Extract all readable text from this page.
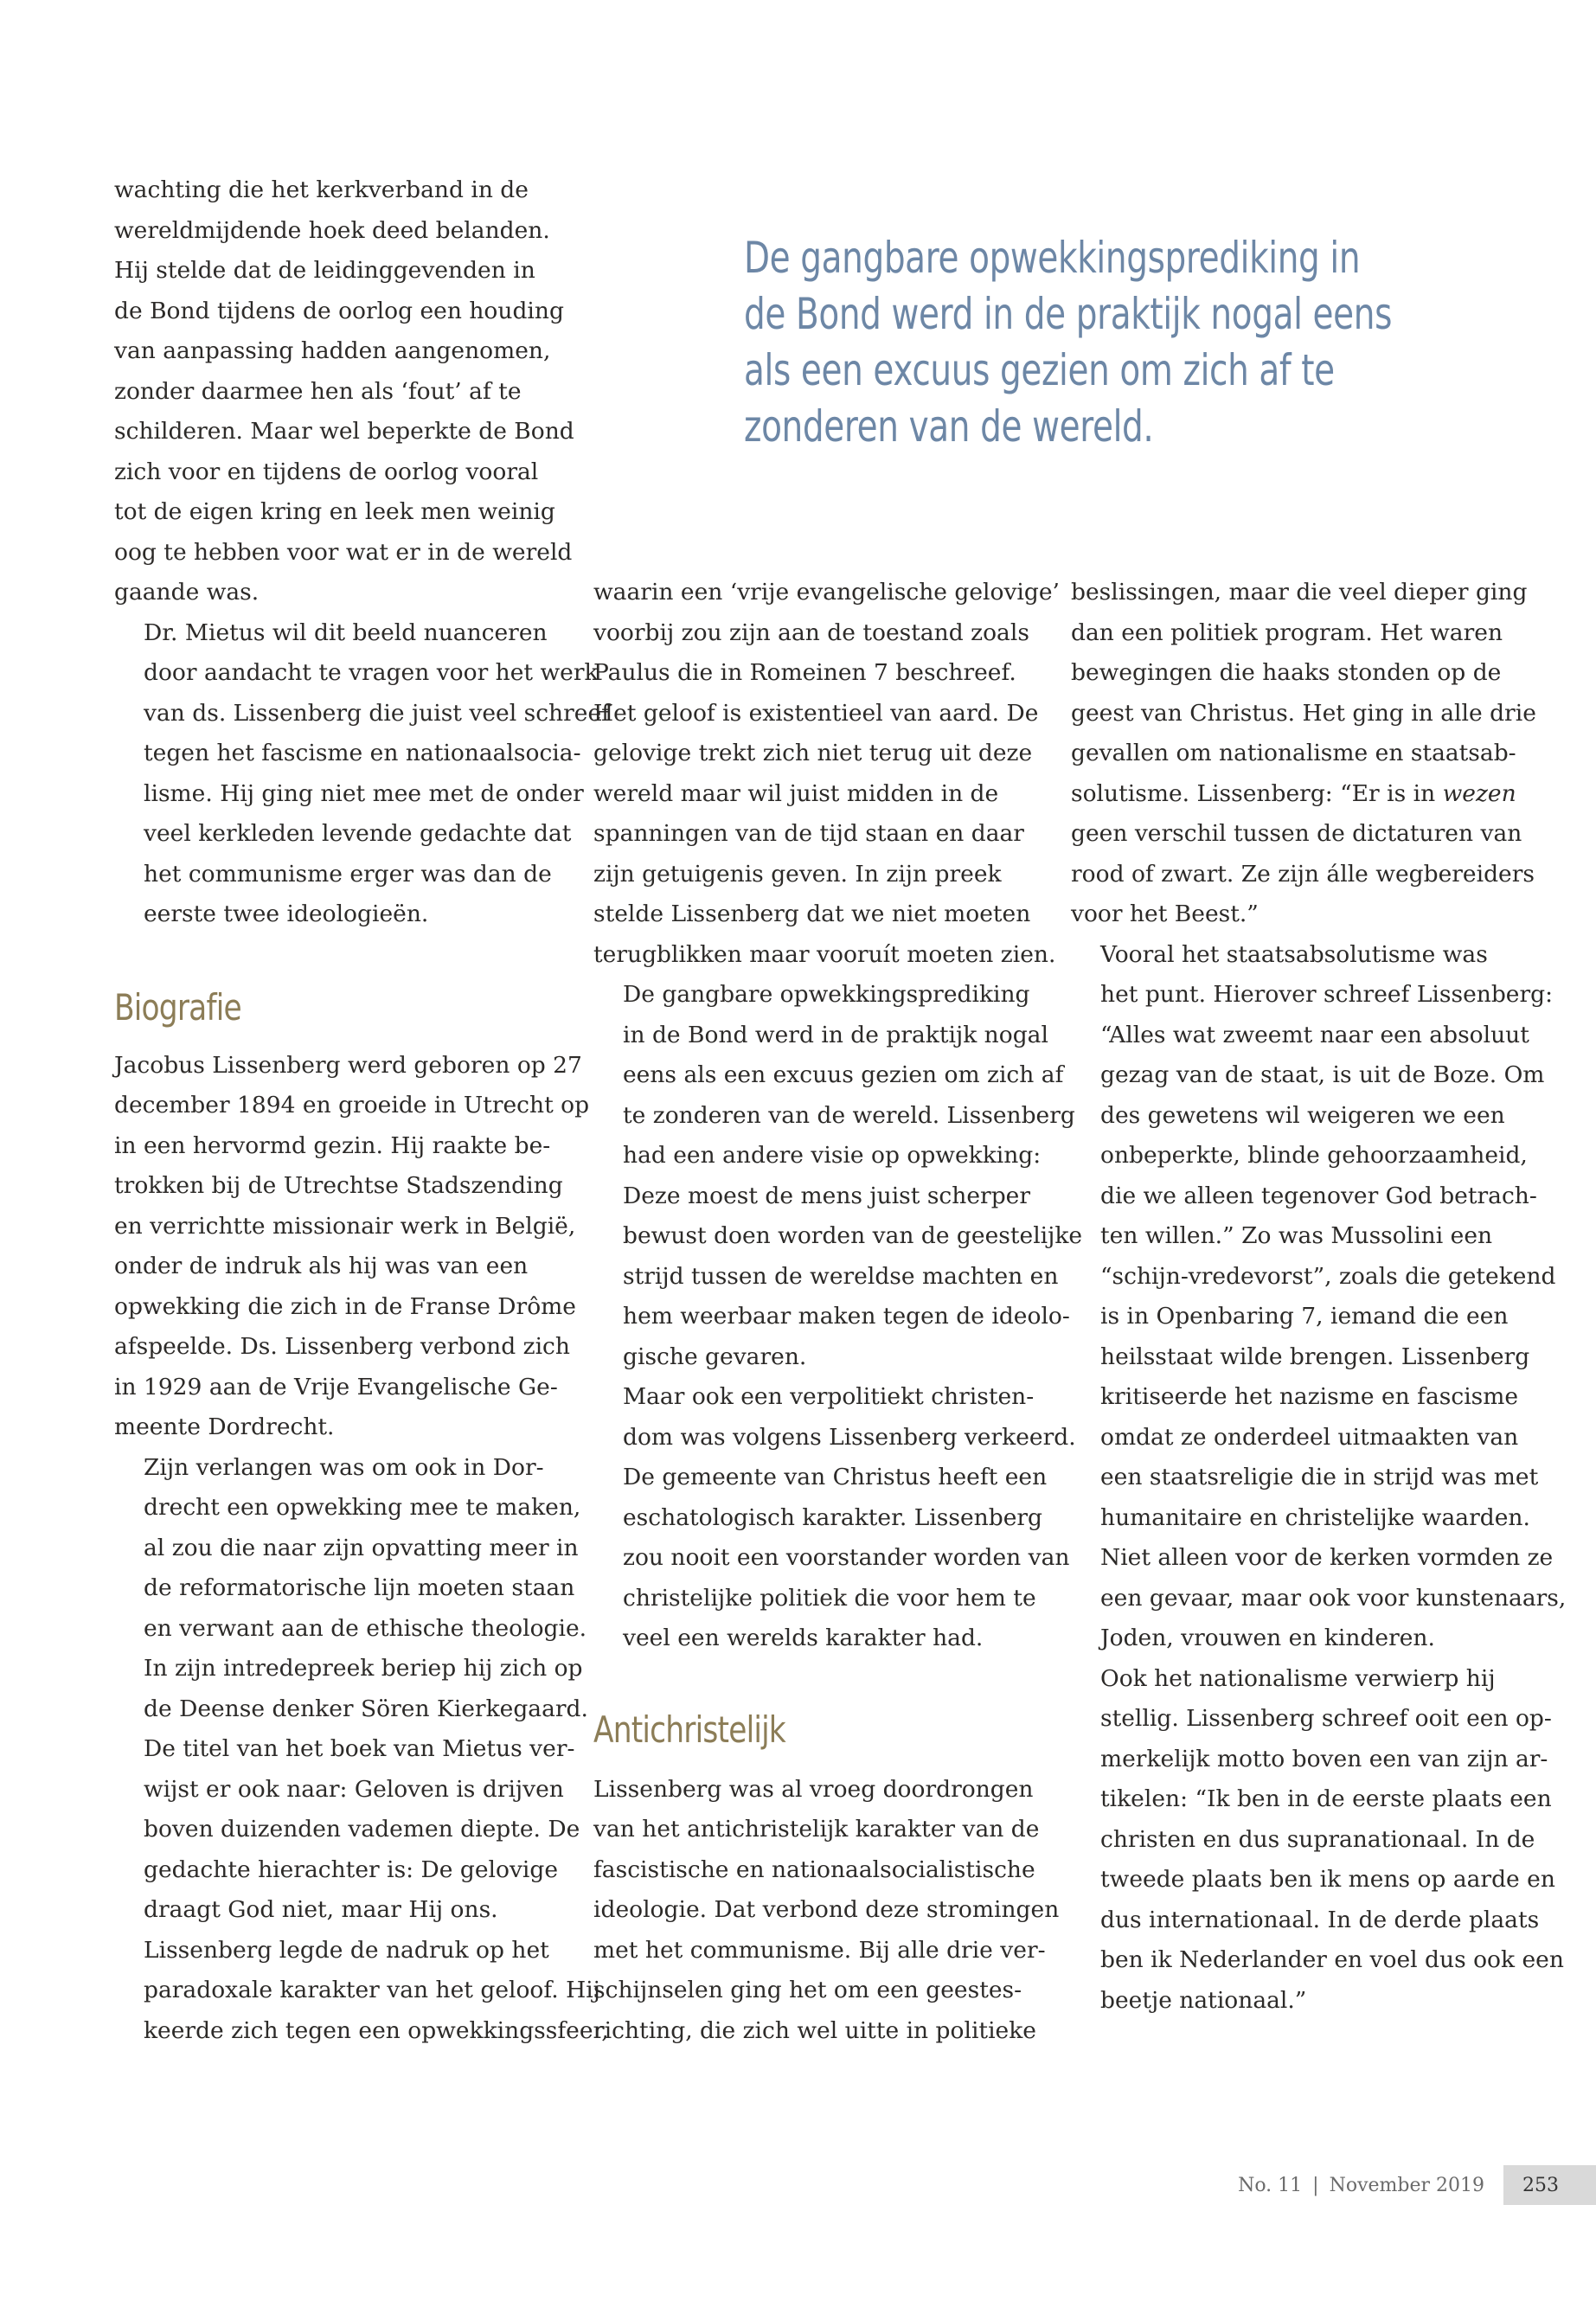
De gangbare opwekkingsprediking in
de Bond werd in de praktijk nogal eens
als een excuus gezien om zich af te
zonderen van de wereld.

wachting die het kerkverband in de
wereldmijdende hoek deed belanden.
Hij stelde dat de leidinggevenden in
de Bond tijdens de oorlog een houding
van aanpassing hadden aangenomen,
zonder daarmee hen als ‘fout’ af te
schilderen. Maar wel beperkte de Bond
zich voor en tijdens de oorlog vooral
tot de eigen kring en leek men weinig
oog te hebben voor wat er in de wereld
gaande was.

Dr. Mietus wil dit beeld nuanceren
door aandacht te vragen voor het werk
van ds. Lissenberg die juist veel schreef
tegen het fascisme en nationaalsocia-
lisme. Hij ging niet mee met de onder
veel kerkleden levende gedachte dat
het communisme erger was dan de
eerste twee ideologieën.

Biografie

Jacobus Lissenberg werd geboren op 27
december 1894 en groeide in Utrecht op
in een hervormd gezin. Hij raakte be-
trokken bij de Utrechtse Stadszending
en verrichtte missionair werk in België,
onder de indruk als hij was van een
opwekking die zich in de Franse Drôme
afspeelde. Ds. Lissenberg verbond zich
in 1929 aan de Vrije Evangelische Ge-
meente Dordrecht.

Zijn verlangen was om ook in Dor-
drecht een opwekking mee te maken,
al zou die naar zijn opvatting meer in
de reformatorische lijn moeten staan
en verwant aan de ethische theologie.
In zijn intredepreek beriep hij zich op
de Deense denker Sören Kierkegaard.
De titel van het boek van Mietus ver-
wijst er ook naar: Geloven is drijven
boven duizenden vademen diepte. De
gedachte hierachter is: De gelovige
draagt God niet, maar Hij ons.

Lissenberg legde de nadruk op het
paradoxale karakter van het geloof. Hij
keerde zich tegen een opwekkingssfeer,

waarin een ‘vrije evangelische gelovige’
voorbij zou zijn aan de toestand zoals
Paulus die in Romeinen 7 beschreef.
Het geloof is existentieel van aard. De
gelovige trekt zich niet terug uit deze
wereld maar wil juist midden in de
spanningen van de tijd staan en daar
zijn getuigenis geven. In zijn preek
stelde Lissenberg dat we niet moeten
terugblikken maar vooruít moeten zien.

De gangbare opwekkingsprediking
in de Bond werd in de praktijk nogal
eens als een excuus gezien om zich af
te zonderen van de wereld. Lissenberg
had een andere visie op opwekking:
Deze moest de mens juist scherper
bewust doen worden van de geestelijke
strijd tussen de wereldse machten en
hem weerbaar maken tegen de ideolo-
gische gevaren.

Maar ook een verpolitiekt christen-
dom was volgens Lissenberg verkeerd.
De gemeente van Christus heeft een
eschatologisch karakter. Lissenberg
zou nooit een voorstander worden van
christelijke politiek die voor hem te
veel een werelds karakter had.

Antichristelijk

Lissenberg was al vroeg doordrongen
van het antichristelijk karakter van de
fascistische en nationaalsocialistische
ideologie. Dat verbond deze stromingen
met het communisme. Bij alle drie ver-
schijnselen ging het om een geestes-
richting, die zich wel uitte in politieke

beslissingen, maar die veel dieper ging
dan een politiek program. Het waren
bewegingen die haaks stonden op de
geest van Christus. Het ging in alle drie
gevallen om nationalisme en staatsab-
solutisme. Lissenberg: “Er is in wezen
geen verschil tussen de dictaturen van
rood of zwart. Ze zijn álle wegbereiders
voor het Beest.”

Vooral het staatsabsolutisme was
het punt. Hierover schreef Lissenberg:
“Alles wat zweemt naar een absoluut
gezag van de staat, is uit de Boze. Om
des gewetens wil weigeren we een
onbeperkte, blinde gehoorzaamheid,
die we alleen tegenover God betrach-
ten willen.” Zo was Mussolini een
“schijn-vredevorst”, zoals die getekend
is in Openbaring 7, iemand die een
heilsstaat wilde brengen. Lissenberg
kritiseerde het nazisme en fascisme
omdat ze onderdeel uitmaakten van
een staatsreligie die in strijd was met
humanitaire en christelijke waarden.
Niet alleen voor de kerken vormden ze
een gevaar, maar ook voor kunstenaars,
Joden, vrouwen en kinderen.

Ook het nationalisme verwierp hij
stellig. Lissenberg schreef ooit een op-
merkelijk motto boven een van zijn ar-
tikelen: “Ik ben in de eerste plaats een
christen en dus supranationaal. In de
tweede plaats ben ik mens op aarde en
dus internationaal. In de derde plaats
ben ik Nederlander en voel dus ook een
beetje nationaal.”

No. 11 | November 2019	253
